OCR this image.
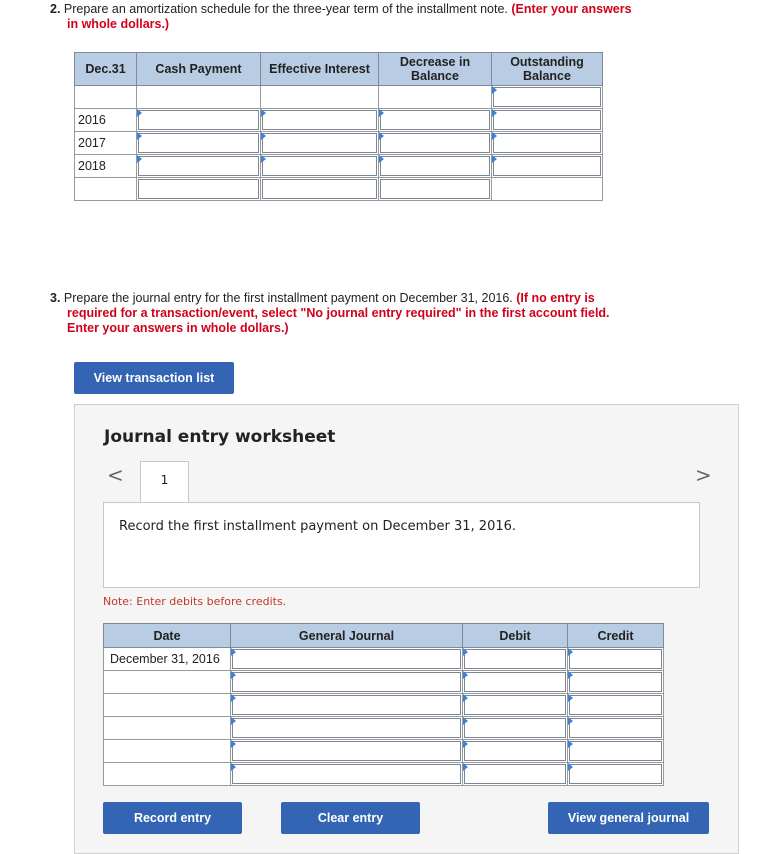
2. Prepare an amortization schedule for the three-year term of the installment note. (Enter your answers
in whole dollars.)
Dec.31	Cash Payment	Effective Interest	Decrease in Balance	Outstanding Balance

2016	

2017	

2018	

3. Prepare the journal entry for the first installment payment on December 31, 2016. (If no entry is
required for a transaction/event, select "No journal entry required" in the first account field.
Enter your answers in whole dollars.)
View transaction list
Journal entry worksheet
<	>
1
Record the first installment payment on December 31, 2016.
Note: Enter debits before credits.
Date	General Journal	Debit	Credit
December 31, 2016	

Record entry	Clear entry	View general journal
